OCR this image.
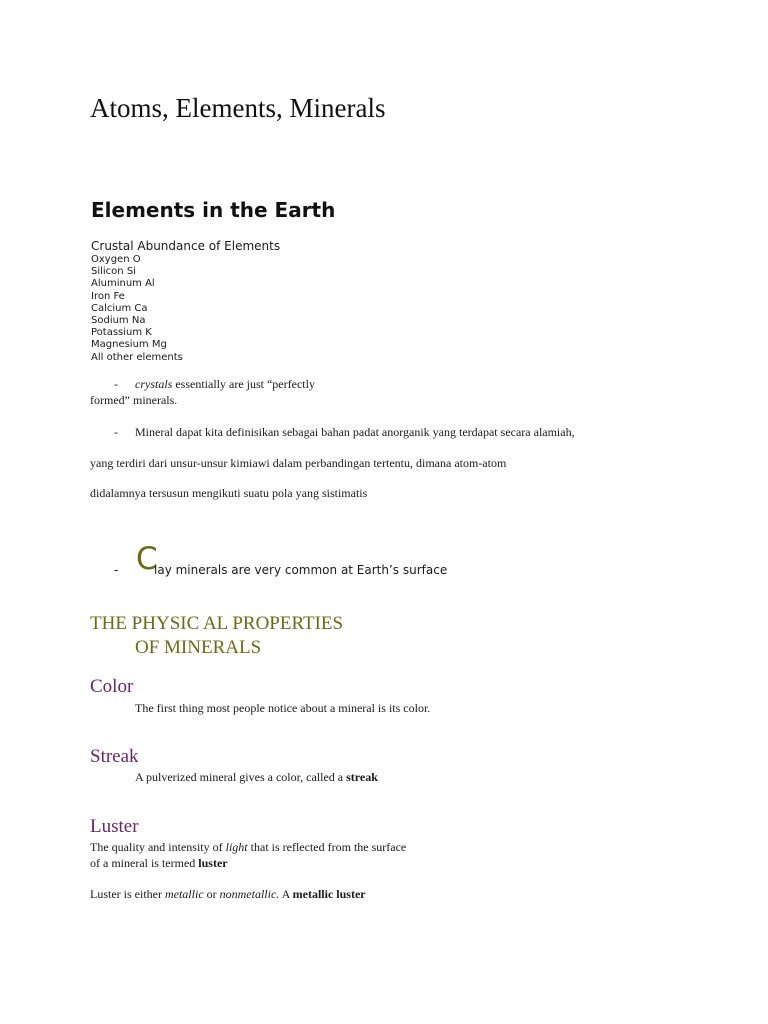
Atoms, Elements, Minerals
Elements in the Earth
Crustal Abundance of Elements
Oxygen O
Silicon Si
Aluminum Al
Iron Fe
Calcium Ca
Sodium Na
Potassium K
Magnesium Mg
All other elements
- crystals essentially are just “perfectly
formed” minerals.
- Mineral dapat kita definisikan sebagai bahan padat anorganik yang terdapat secara alamiah,
yang terdiri dari unsur-unsur kimiawi dalam perbandingan tertentu, dimana atom-atom
didalamnya tersusun mengikuti suatu pola yang sistimatis
- C
lay minerals are very common at Earth’s surface
THE PHYSIC AL PROPERTIES
OF MINERALS
Color
The first thing most people notice about a mineral is its color.
Streak
A pulverized mineral gives a color, called a streak
Luster
The quality and intensity of light that is reflected from the surface
of a mineral is termed luster
Luster is either metallic or nonmetallic. A metallic luster
